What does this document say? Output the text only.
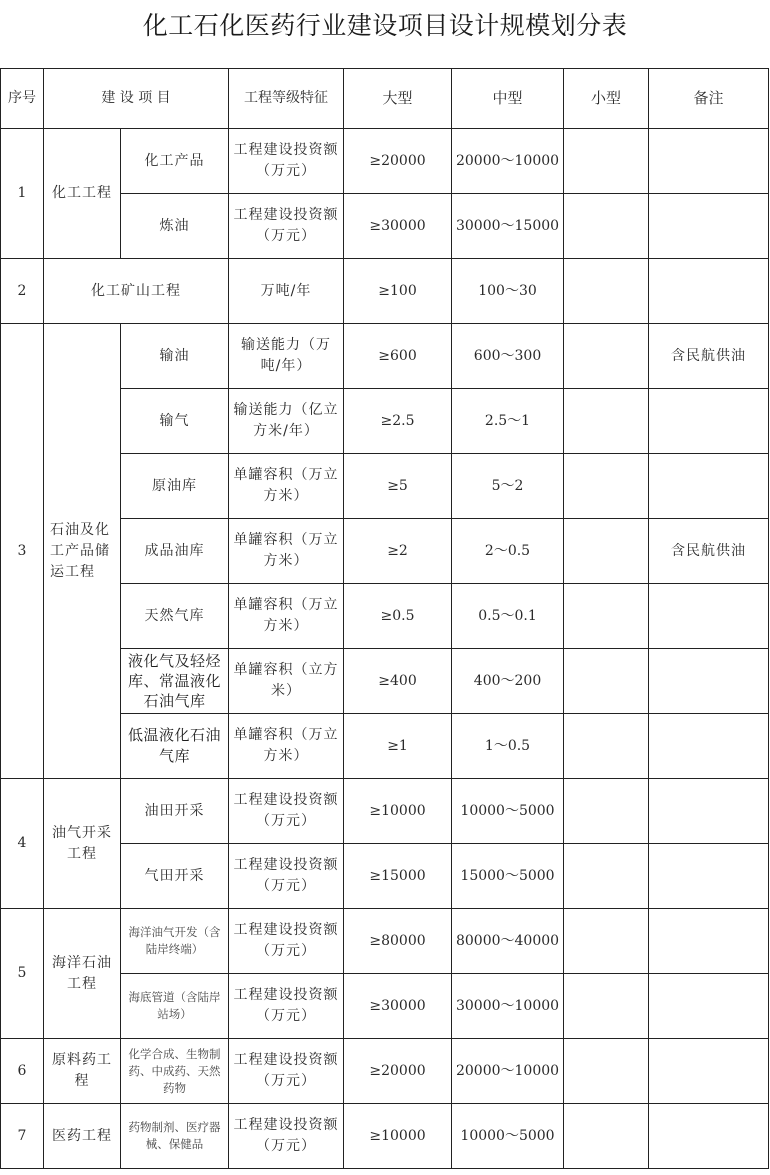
化工石化医药行业建设项目设计规模划分表
序号	建 设 项 目		工程等级特征	大型	中型	小型	备注
1	化工工程	化工产品	工程建设投资额（万元）	≥20000	20000～10000		
		炼油	工程建设投资额（万元）	≥30000	30000～15000		
2	化工矿山工程		万吨/年	≥100	100～30		
3	石油及化工产品储运工程	输油	输送能力（万吨/年）	≥600	600～300		含民航供油
		输气	输送能力（亿立方米/年）	≥2.5	2.5～1		
		原油库	单罐容积（万立方米）	≥5	5～2		
		成品油库	单罐容积（万立方米）	≥2	2～0.5		含民航供油
		天然气库	单罐容积（万立方米）	≥0.5	0.5～0.1		
		液化气及轻烃库、常温液化石油气库	单罐容积（立方米）	≥400	400～200		
		低温液化石油气库	单罐容积（万立方米）	≥1	1～0.5		
4	油气开采工程	油田开采	工程建设投资额（万元）	≥10000	10000～5000		
		气田开采	工程建设投资额（万元）	≥15000	15000～5000		
5	海洋石油工程	海洋油气开发（含陆岸终端）	工程建设投资额（万元）	≥80000	80000～40000		
		海底管道（含陆岸站场）	工程建设投资额（万元）	≥30000	30000～10000		
6	原料药工程	化学合成、生物制药、中成药、天然药物	工程建设投资额（万元）	≥20000	20000～10000		
7	医药工程	药物制剂、医疗器械、保健品	工程建设投资额（万元）	≥10000	10000～5000		
